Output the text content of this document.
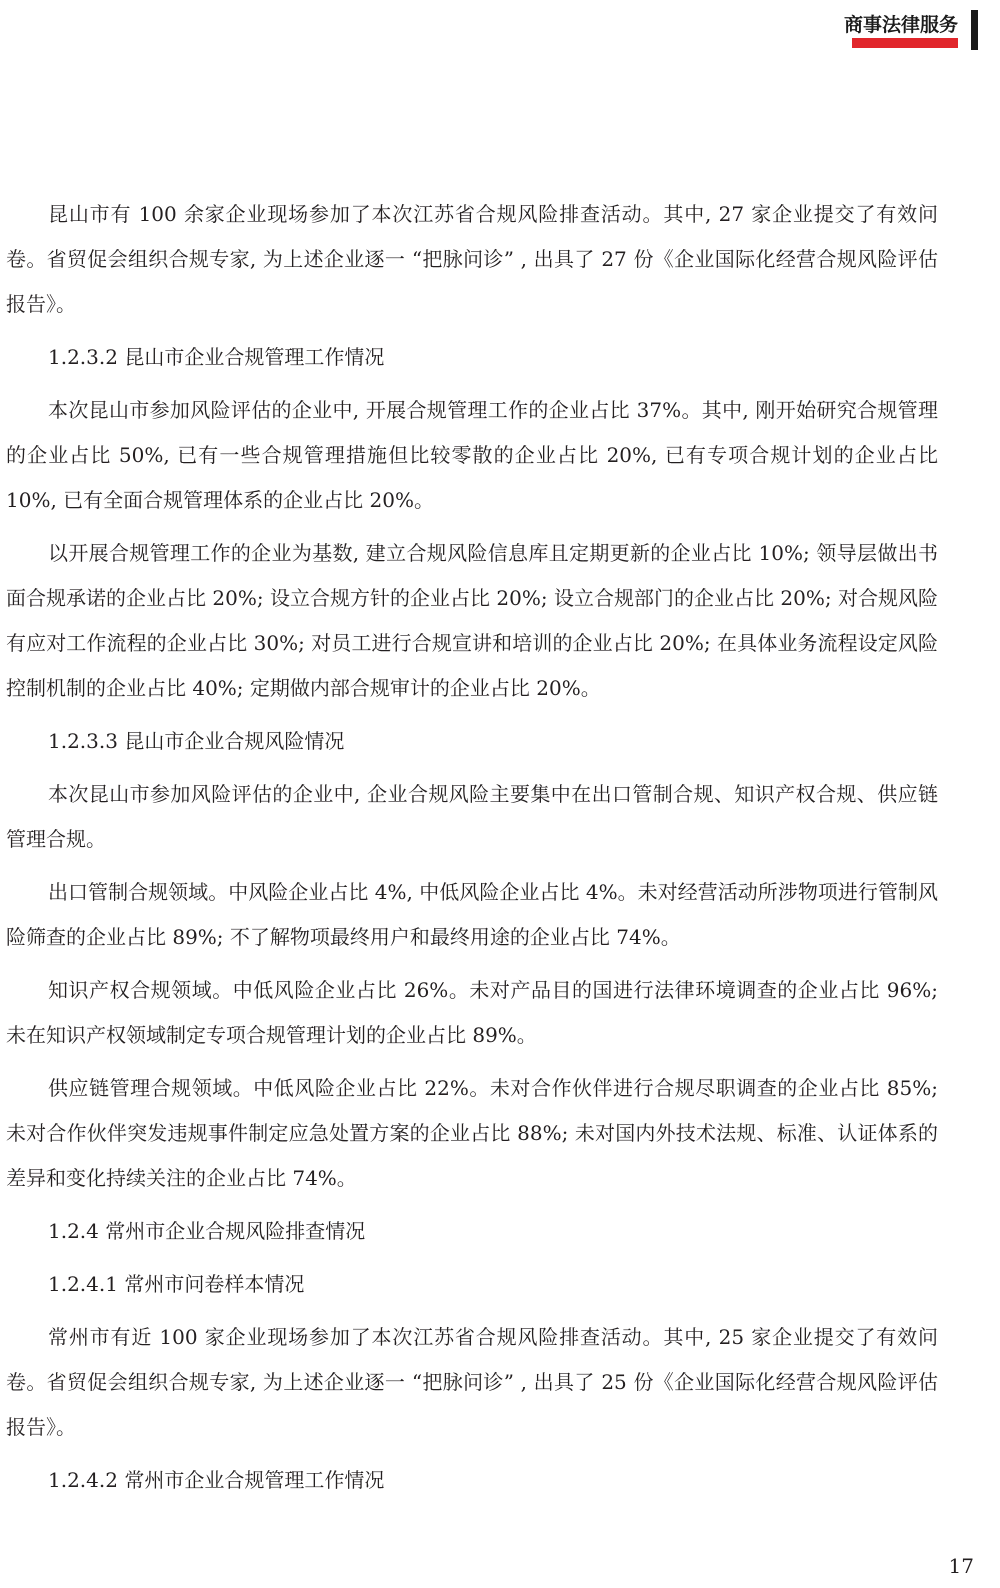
商事法律服务

昆山市有 100 余家企业现场参加了本次江苏省合规风险排查活动。其中, 27 家企业提交了有效问卷。省贸促会组织合规专家, 为上述企业逐一 “把脉问诊” , 出具了 27 份《企业国际化经营合规风险评估报告》。

1.2.3.2 昆山市企业合规管理工作情况

本次昆山市参加风险评估的企业中, 开展合规管理工作的企业占比 37%。其中, 刚开始研究合规管理的企业占比 50%, 已有一些合规管理措施但比较零散的企业占比 20%, 已有专项合规计划的企业占比 10%, 已有全面合规管理体系的企业占比 20%。

以开展合规管理工作的企业为基数, 建立合规风险信息库且定期更新的企业占比 10%; 领导层做出书面合规承诺的企业占比 20%; 设立合规方针的企业占比 20%; 设立合规部门的企业占比 20%; 对合规风险有应对工作流程的企业占比 30%; 对员工进行合规宣讲和培训的企业占比 20%; 在具体业务流程设定风险控制机制的企业占比 40%; 定期做内部合规审计的企业占比 20%。

1.2.3.3 昆山市企业合规风险情况

本次昆山市参加风险评估的企业中, 企业合规风险主要集中在出口管制合规、知识产权合规、供应链管理合规。

出口管制合规领域。中风险企业占比 4%, 中低风险企业占比 4%。未对经营活动所涉物项进行管制风险筛查的企业占比 89%; 不了解物项最终用户和最终用途的企业占比 74%。

知识产权合规领域。中低风险企业占比 26%。未对产品目的国进行法律环境调查的企业占比 96%; 未在知识产权领域制定专项合规管理计划的企业占比 89%。

供应链管理合规领域。中低风险企业占比 22%。未对合作伙伴进行合规尽职调查的企业占比 85%; 未对合作伙伴突发违规事件制定应急处置方案的企业占比 88%; 未对国内外技术法规、标准、认证体系的差异和变化持续关注的企业占比 74%。

1.2.4 常州市企业合规风险排查情况

1.2.4.1 常州市问卷样本情况

常州市有近 100 家企业现场参加了本次江苏省合规风险排查活动。其中, 25 家企业提交了有效问卷。省贸促会组织合规专家, 为上述企业逐一 “把脉问诊” , 出具了 25 份《企业国际化经营合规风险评估报告》。

1.2.4.2 常州市企业合规管理工作情况

17
